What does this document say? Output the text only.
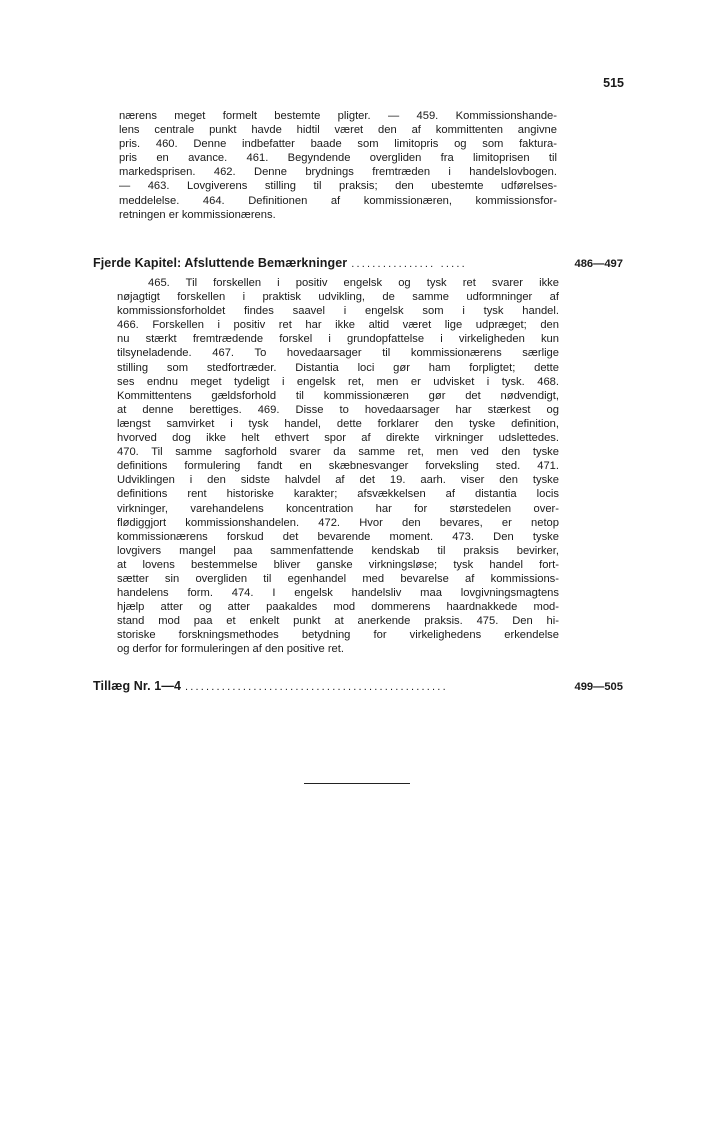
515
nærens meget formelt bestemte pligter. — 459. Kommissionshande-
lens centrale punkt havde hidtil været den af kommittenten angivne
pris. 460. Denne indbefatter baade som limitopris og som faktura-
pris en avance. 461. Begyndende overgliden fra limitoprisen til
markedsprisen. 462. Denne brydnings fremtræden i handelslovbogen.
— 463. Lovgiverens stilling til praksis; den ubestemte udførelses-
meddelelse. 464. Definitionen af kommissionæren, kommissionsfor-
retningen er kommissionærens.
Fjerde Kapitel: Afsluttende Bemærkninger ................ .....	486—497
465. Til forskellen i positiv engelsk og tysk ret svarer ikke
nøjagtigt forskellen i praktisk udvikling, de samme udformninger af
kommissionsforholdet findes saavel i engelsk som i tysk handel.
466. Forskellen i positiv ret har ikke altid været lige udpræget; den
nu stærkt fremtrædende forskel i grundopfattelse i virkeligheden kun
tilsyneladende. 467. To hovedaarsager til kommissionærens særlige
stilling som stedfortræder. Distantia loci gør ham forpligtet; dette
ses endnu meget tydeligt i engelsk ret, men er udvisket i tysk. 468.
Kommittentens gældsforhold til kommissionæren gør det nødvendigt,
at denne berettiges. 469. Disse to hovedaarsager har stærkest og
længst samvirket i tysk handel, dette forklarer den tyske definition,
hvorved dog ikke helt ethvert spor af direkte virkninger udslettedes.
470. Til samme sagforhold svarer da samme ret, men ved den tyske
definitions formulering fandt en skæbnesvanger forveksling sted. 471.
Udviklingen i den sidste halvdel af det 19. aarh. viser den tyske
definitions rent historiske karakter; afsvækkelsen af distantia locis
virkninger, varehandelens koncentration har for størstedelen over-
flødiggjort kommissionshandelen. 472. Hvor den bevares, er netop
kommissionærens forskud det bevarende moment. 473. Den tyske
lovgivers mangel paa sammenfattende kendskab til praksis bevirker,
at lovens bestemmelse bliver ganske virkningsløse; tysk handel fort-
sætter sin overgliden til egenhandel med bevarelse af kommissions-
handelens form. 474. I engelsk handelsliv maa lovgivningsmagtens
hjælp atter og atter paakaldes mod dommerens haardnakkede mod-
stand mod paa et enkelt punkt at anerkende praksis. 475. Den hi-
storiske forskningsmethodes betydning for virkelighedens erkendelse
og derfor for formuleringen af den positive ret.
Tillæg Nr. 1—4 ..................................................	499—505
